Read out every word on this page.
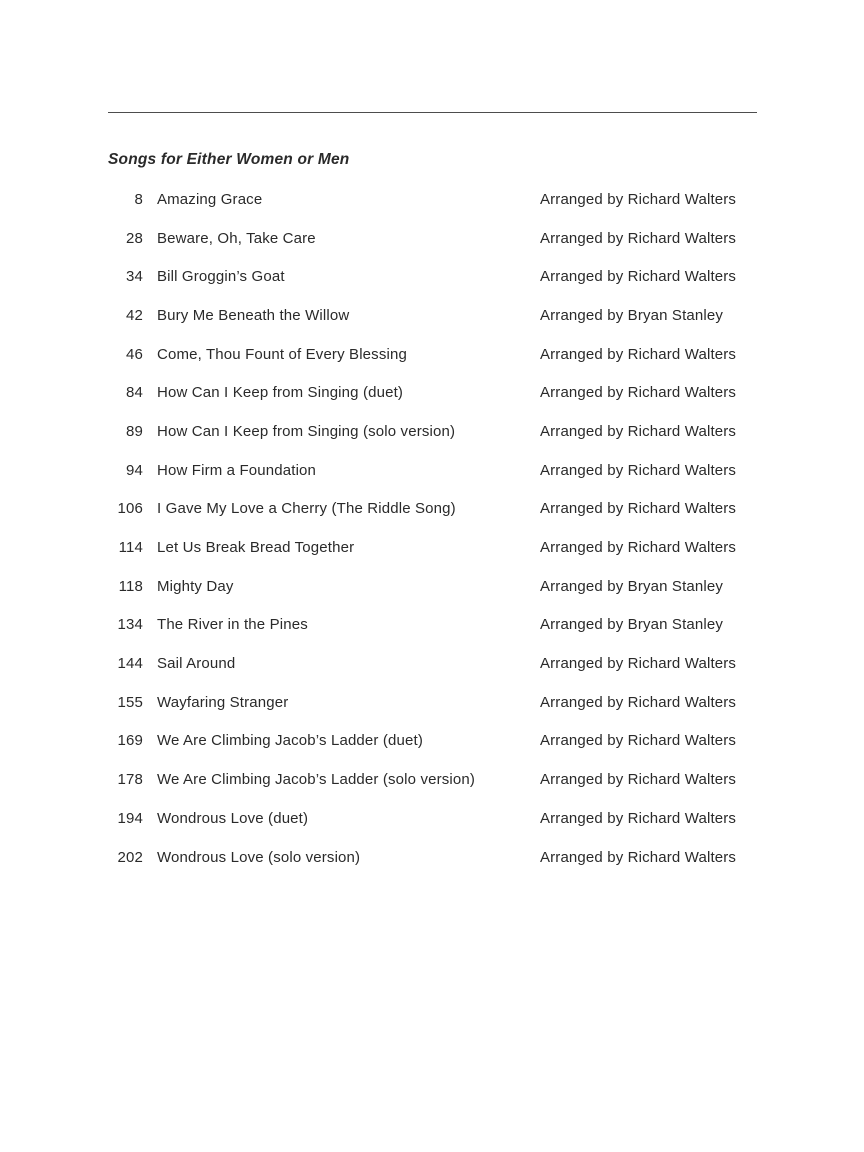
Songs for Either Women or Men
8 Amazing Grace	Arranged by Richard Walters
28 Beware, Oh, Take Care	Arranged by Richard Walters
34 Bill Groggin’s Goat	Arranged by Richard Walters
42 Bury Me Beneath the Willow	Arranged by Bryan Stanley
46 Come, Thou Fount of Every Blessing	Arranged by Richard Walters
84 How Can I Keep from Singing (duet)	Arranged by Richard Walters
89 How Can I Keep from Singing (solo version)	Arranged by Richard Walters
94 How Firm a Foundation	Arranged by Richard Walters
106 I Gave My Love a Cherry (The Riddle Song)	Arranged by Richard Walters
114 Let Us Break Bread Together	Arranged by Richard Walters
118 Mighty Day	Arranged by Bryan Stanley
134 The River in the Pines	Arranged by Bryan Stanley
144 Sail Around	Arranged by Richard Walters
155 Wayfaring Stranger	Arranged by Richard Walters
169 We Are Climbing Jacob’s Ladder (duet)	Arranged by Richard Walters
178 We Are Climbing Jacob’s Ladder (solo version)	Arranged by Richard Walters
194 Wondrous Love (duet)	Arranged by Richard Walters
202 Wondrous Love (solo version)	Arranged by Richard Walters
